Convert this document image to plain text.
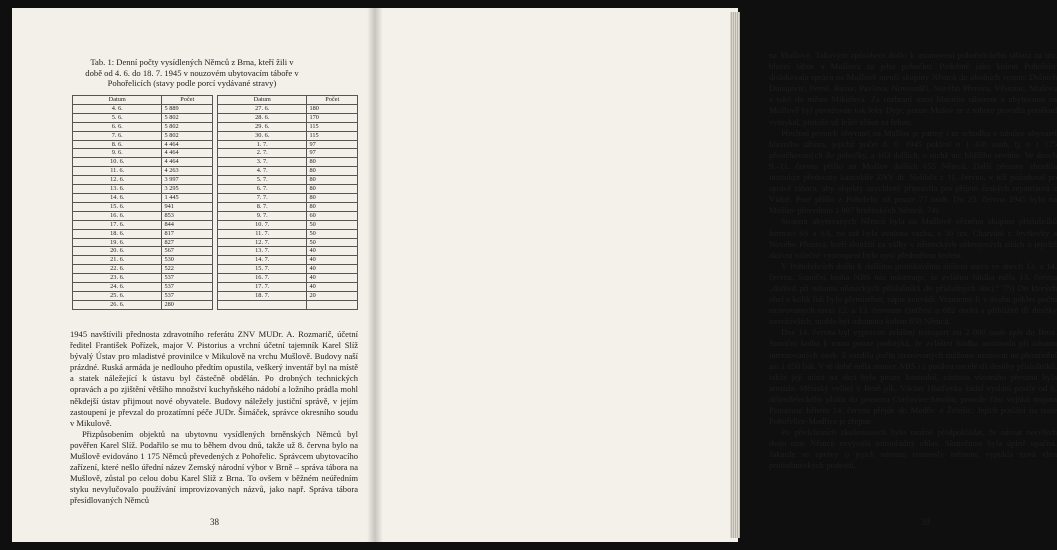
Tab. 1: Denní počty vysídlených Němců z Brna, kteří žili v době od 4. 6. do 18. 7. 1945 v nouzovém ubytovacím táboře v Pohořelicích (stavy podle porcí vydávané stravy)
Datum	Počet		Datum	Počet
4. 6.	5 889		27. 6.	180
5. 6.	5 802		28. 6.	170
6. 6.	5 802		29. 6.	115
7. 6.	5 802		30. 6.	115
8. 6.	4 464		1. 7.	97
9. 6.	4 464		2. 7.	97
10. 6.	4 464		3. 7.	80
11. 6.	4 263		4. 7.	80
12. 6.	3 997		5. 7.	80
13. 6.	3 295		6. 7.	80
14. 6.	1 445		7. 7.	80
15. 6.	941		8. 7.	80
16. 6.	853		9. 7.	60
17. 6.	844		10. 7.	50
18. 6.	817		11. 7.	50
19. 6.	827		12. 7.	50
20. 6.	567		13. 7.	40
21. 6.	530		14. 7.	40
22. 6.	522		15. 7.	40
23. 6.	537		16. 7.	40
24. 6.	537		17. 7.	40
25. 6.	537		18. 7.	20
26. 6.	280			

1945 navštívili přednosta zdravotního referátu ZNV MUDr. A. Rozmarič, účetní ředitel František Pořízek, major V. Pistorius a vrchní účetní tajemník Karel Slíž bývalý Ústav pro mladistvé provinilce v Mikulově na vrchu Mušlově. Budovy naší prázdné. Ruská armáda je nedlouho předtím opustila, veškerý inventář byl na místě a statek náležející k ústavu byl částečně obdělán. Po drobných technických opravách a po zjištění většího množství kuchyňského nádobí a ložního prádla mohl někdejší ústav přijmout nové obyvatele. Budovy náležely justiční správě, v jejím zastoupení je převzal do prozatímní péče JUDr. Šimáček, správce okresního soudu v Mikulově.

Přizpůsobením objektů na ubytovnu vysídlených brněnských Němců byl pověřen Karel Slíž. Podařilo se mu to během dvou dnů, takže už 8. června bylo na Mušlově evidováno 1 175 Němců převedených z Pohořelic. Správcem ubytovacího zařízení, které nešlo úřední název Zemský národní výbor v Brně – správa tábora na Mušlově, zůstal po celou dobu Karel Slíž z Brna. To ovšem v běžném neúředním styku nevylučovalo používání improvizovaných názvů, jako např. Správa tábora přesídlovaných Němců

38

na Mušlově. Takovým způsobem došlo k ustanovení pohořelického tábora za tzv. hlavní tábor a Mušlova za jeho pobočku. Podobně jako kolem Pohořelic dislokovala správa na Mušlově menší skupiny Němců do okolních vesnic: Dolních Dunajovic, Perné, Bavor, Pavlova, Novoseděl, Nového Přerova, Věstonic, Mušova a také do města Mikulova. Za rozhraní mezi hlavním táborem a ubytovnou na Mušlově byl považován tok řeky Dyje, pouze Mušov se z tohoto pravidla poněkud vymykal, protože už ležel zčásti za řekou.

Přechod prvních obyvatel na Mušlov je patrný i ze schodku v tabulce obyvatel hlavního tábora, jejichž počet 8. 6. 1945 poklesl o 1 338 osob, tj. o 1 175 přestěhovaných do pobočky, a 163 dalších, o nichž nic bližšího nevíme. Ve dnech 9.–11. června přišlo na Mušlov dalších 655 Němců. Další přesuny zbrzdila instrukce přednosty kanceláře ZNV dr. Nešňala z 11. června, v níž požadoval po správě tábora, aby objekty urychleně připravila pro příjem českých repatriantů z Vídně. Poté přišlo z Pohořelic už pouze 77 osob. Do 25. června 1945 bylo na Mušlov převedeno 1 907 brněnských Němců. 74)

Stranou ubytovaných Němců byla na Mušlově vězněna skupina příslušníků formací SS a SA, na níž byla uvalena vazba, a 50 tzv. Charvátů z Jevišovky a Nového Přerova, kteří sloužili za války v německých ozbrojených silách a jejichž aktivní válečné vystoupení bylo nyní předmětem šetření.

V Pohořelicích došlo k dalšímu pronikavému snížení stavu ve dnech 13. a 14. června. Staniční kniha NBS nás informuje, že zvláštní hlídka měla 13. června „dohled při odsunu německých příslušníků do příslušných obcí.“ 75) Do kterých obcí a kolik lidí bylo přemístěno, zápis neuvádí. Vezmeme-li v úvahu pokles počtu stravovaných mezi 12. a 13. červnem (snížení o 682 osob) a přibližně tři desítky navrátivších, mohlo být odsunuto kolem 650 Němců.

Dne 14. června byl vypraven zvláštní transport asi 2 000 osob zpět do Brna. Staniční kniha k tomu pouze podotýká, že zvláštní hlídka asistovala při odsunu internovaných osob. Z rozdílu počtu stravovaných můžeme usuzovat na přemístění asi 1 850 lidí. V té době měla stanice NBS i s posilou necelé tři desítky příslušníků, takže její účast na akci byla pouze kontrolní, zástitou vlastního přesunu byla armáda. Městský velitel v Brně plk. Václav Hlaďovka žádal vyslání posily od 6. dělostřeleckého pluku do prostoru Cvrčovice-Smolín, protože část vojáků majora Pistoriuse během 14. června přejde do Modřic a Želešic. Jejich poslání na trase Pohořelice-Modřice je zřejmé.

Po předchozích zkušenostech bylo možné předpokládat, že návrat necelých dvou tisíc Němců nevyvolá mimořádný ohlas. Skutečnost byla úplně opačná. Jakmile se zprávy o jejich návratu rozmesly městem, vypukla nová vlna protiněmeckých protestů.

39
